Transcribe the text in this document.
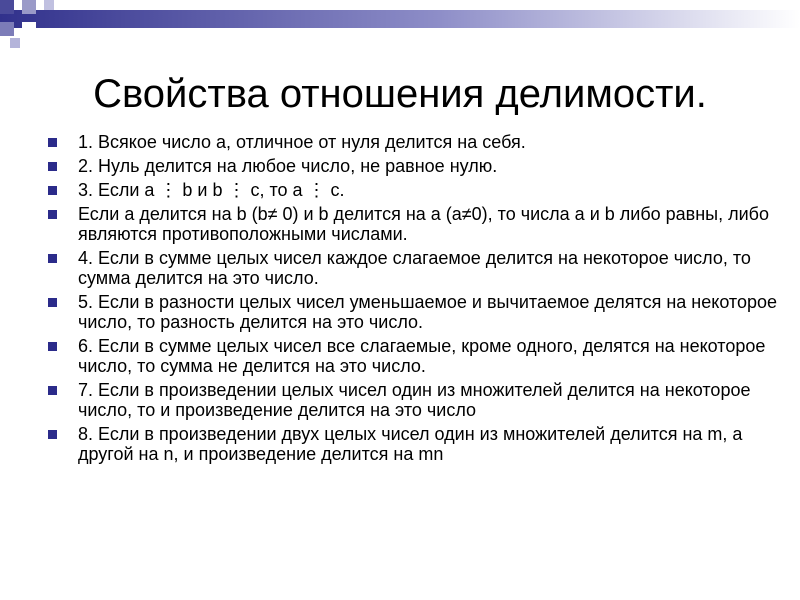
Свойства отношения делимости.
1. Всякое число а, отличное от нуля делится на себя.
2. Нуль делится на любое число, не равное нулю.
3. Если а ⋮ b и b ⋮ с, то а ⋮ с.
Если а делится на b (b≠ 0) и b делится на а (а≠0), то числа а и b либо равны, либо являются противоположными числами.
4. Если в сумме целых чисел каждое слагаемое делится на некоторое число, то сумма делится на это число.
5. Если в разности целых чисел уменьшаемое и вычитаемое делятся на некоторое число, то разность делится на это число.
6. Если в сумме целых чисел все слагаемые, кроме одного, делятся на некоторое число, то сумма не делится на это число.
7. Если в произведении целых чисел один из множителей делится на некоторое число, то и произведение делится на это число
8. Если в произведении двух целых чисел один из множителей делится на m, а другой на n, и произведение делится на mn
